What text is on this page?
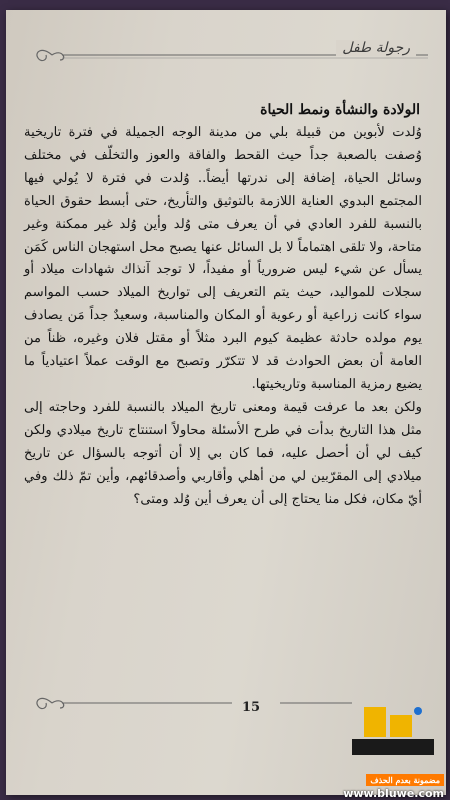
رجولة طفل
الولادة والنشأة ونمط الحياة

وُلدت لأبوين من قبيلة بلي من مدينة الوجه الجميلة في فترة تاريخية وُصفت بالصعبة جداً حيث القحط والفاقة والعوز والتخلّف في مختلف وسائل الحياة، إضافة إلى ندرتها أيضاً.. وُلدت في فترة لا يُولي فيها المجتمع البدوي العناية اللازمة بالتوثيق والتأريخ، حتى أبسط حقوق الحياة بالنسبة للفرد العادي في أن يعرف متى وُلد وأين وُلد غير ممكنة وغير متاحة، ولا تلقى اهتماماً لا بل السائل عنها يصبح محل استهجان الناس كَمَن يسأل عن شيء ليس ضرورياً أو مفيداً، لا توجد آنذاك شهادات ميلاد أو سجلات للمواليد، حيث يتم التعريف إلى تواريخ الميلاد حسب المواسم سواء كانت زراعية أو رعوية أو المكان والمناسبة، وسعيدٌ جداً مَن يصادف يوم مولده حادثة عظيمة كيوم البرد مثلاً أو مقتل فلان وغيره، ظناً من العامة أن بعض الحوادث قد لا تتكرّر وتصبح مع الوقت عملاً اعتيادياً ما يضيع رمزية المناسبة وتاريخيتها.

ولكن بعد ما عرفت قيمة ومعنى تاريخ الميلاد بالنسبة للفرد وحاجته إلى مثل هذا التاريخ بدأت في طرح الأسئلة محاولاً استنتاج تاريخ ميلادي ولكن كيف لي أن أحصل عليه، فما كان بي إلا أن أتوجه بالسؤال عن تاريخ ميلادي إلى المقرّبين لي من أهلي وأقاربي وأصدقائهم، وأين تمّ ذلك وفي أيّ مكان، فكل منا يحتاج إلى أن يعرف أين وُلد ومتى؟

15
مضمونة بعدم الحذف
www.bluwe.com
